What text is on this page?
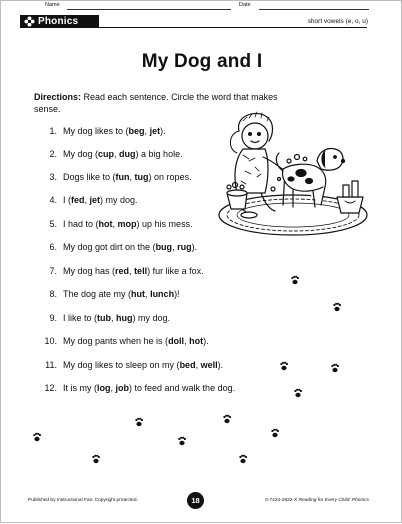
Name	Date
Phonics	short vowels (e, o, u)
My Dog and I
Directions: Read each sentence. Circle the word that makes sense.
1. My dog likes to (beg, jet).
2. My dog (cup, dug) a big hole.
3. Dogs like to (fun, tug) on ropes.
4. I (fed, jet) my dog.
5. I had to (hot, mop) up his mess.
6. My dog got dirt on the (bug, rug).
7. My dog has (red, tell) fur like a fox.
8. The dog ate my (hut, lunch)!
9. I like to (tub, hug) my dog.
10. My dog pants when he is (doll, hot).
11. My dog likes to sleep on my (bed, well).
12. It is my (log, job) to feed and walk the dog.
Published by Instructional Fair. Copyright protected.	18	0-7424-2832-X Reading for Every Child: Phonics
